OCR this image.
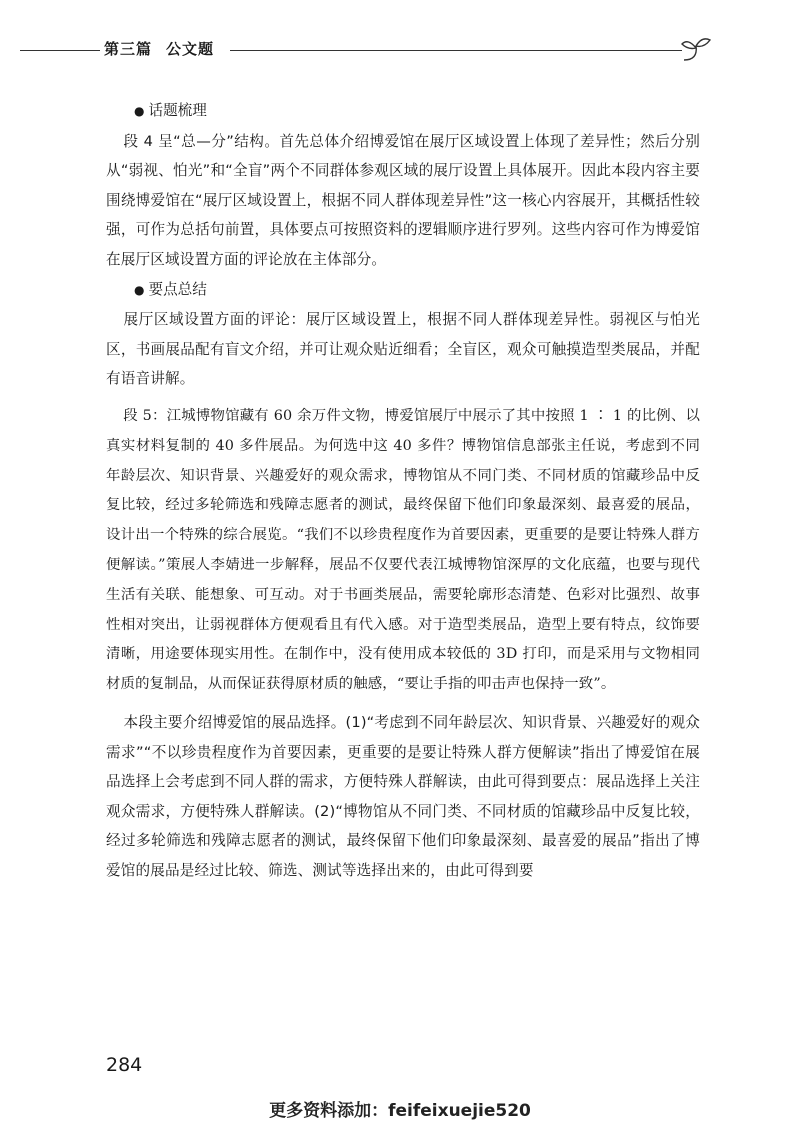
第三篇 公文题

● 话题梳理

段 4 呈“总—分”结构。首先总体介绍博爱馆在展厅区域设置上体现了差异性；然后分别从“弱视、怕光”和“全盲”两个不同群体参观区域的展厅设置上具体展开。因此本段内容主要围绕博爱馆在“展厅区域设置上，根据不同人群体现差异性”这一核心内容展开，其概括性较强，可作为总括句前置，具体要点可按照资料的逻辑顺序进行罗列。这些内容可作为博爱馆在展厅区域设置方面的评论放在主体部分。

● 要点总结

展厅区域设置方面的评论：展厅区域设置上，根据不同人群体现差异性。弱视区与怕光区，书画展品配有盲文介绍，并可让观众贴近细看；全盲区，观众可触摸造型类展品，并配有语音讲解。

段 5：江城博物馆藏有 60 余万件文物，博爱馆展厅中展示了其中按照 1 ∶ 1 的比例、以真实材料复制的 40 多件展品。为何选中这 40 多件？博物馆信息部张主任说，考虑到不同年龄层次、知识背景、兴趣爱好的观众需求，博物馆从不同门类、不同材质的馆藏珍品中反复比较，经过多轮筛选和残障志愿者的测试，最终保留下他们印象最深刻、最喜爱的展品，设计出一个特殊的综合展览。“我们不以珍贵程度作为首要因素，更重要的是要让特殊人群方便解读。”策展人李婧进一步解释，展品不仅要代表江城博物馆深厚的文化底蕴，也要与现代生活有关联、能想象、可互动。对于书画类展品，需要轮廓形态清楚、色彩对比强烈、故事性相对突出，让弱视群体方便观看且有代入感。对于造型类展品，造型上要有特点，纹饰要清晰，用途要体现实用性。在制作中，没有使用成本较低的 3D 打印，而是采用与文物相同材质的复制品，从而保证获得原材质的触感，“要让手指的叩击声也保持一致”。

本段主要介绍博爱馆的展品选择。(1)“考虑到不同年龄层次、知识背景、兴趣爱好的观众需求”“不以珍贵程度作为首要因素，更重要的是要让特殊人群方便解读”指出了博爱馆在展品选择上会考虑到不同人群的需求，方便特殊人群解读，由此可得到要点：展品选择上关注观众需求，方便特殊人群解读。(2)“博物馆从不同门类、不同材质的馆藏珍品中反复比较，经过多轮筛选和残障志愿者的测试，最终保留下他们印象最深刻、最喜爱的展品”指出了博爱馆的展品是经过比较、筛选、测试等选择出来的，由此可得到要

284
更多资料添加：feifeixuejie520
